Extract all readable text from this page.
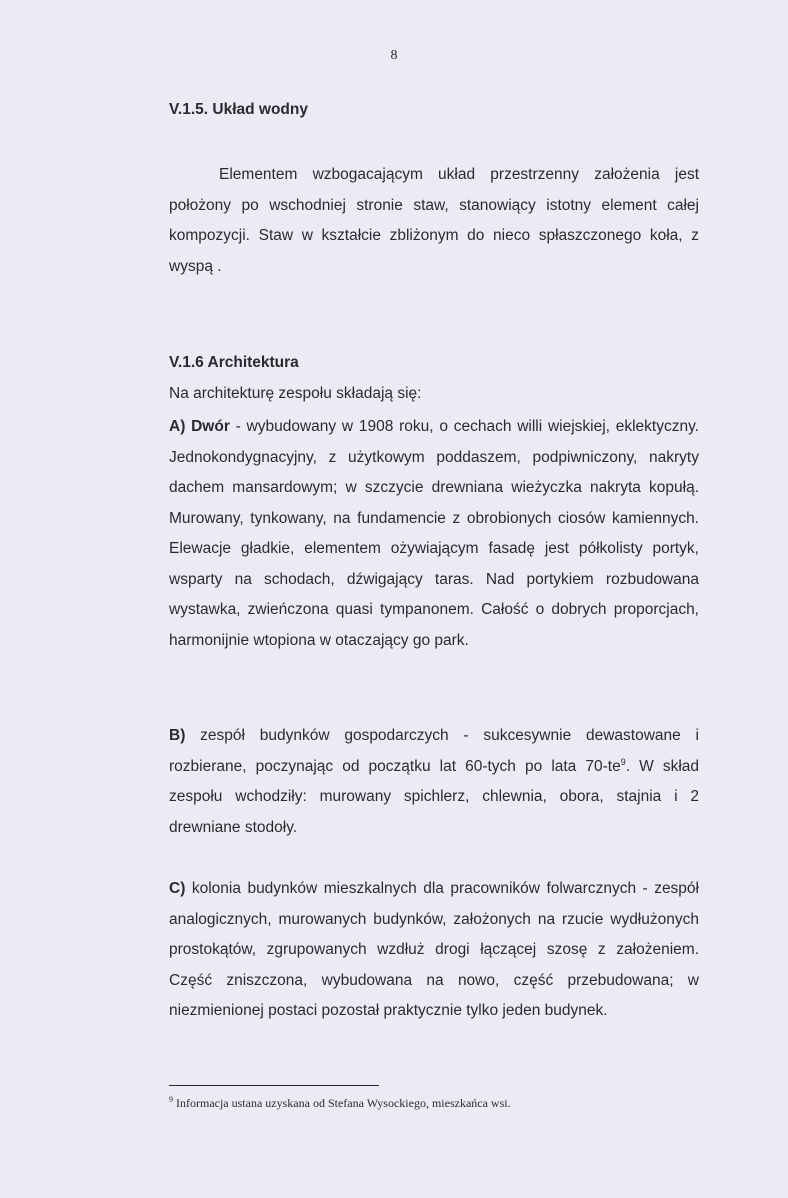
8
V.1.5. Układ wodny
Elementem wzbogacającym układ przestrzenny założenia jest położony po wschodniej stronie staw, stanowiący istotny element całej kompozycji. Staw w kształcie zbliżonym do nieco spłaszczonego koła, z wyspą .
V.1.6 Architektura
Na architekturę zespołu składają się:
A) Dwór - wybudowany w 1908 roku, o cechach willi wiejskiej, eklektyczny. Jednokondygnacyjny, z użytkowym poddaszem, podpiwniczony, nakryty dachem mansardowym; w szczycie drewniana wieżyczka nakryta kopułą. Murowany, tynkowany, na fundamencie z obrobionych ciosów kamiennych. Elewacje gładkie, elementem ożywiającym fasadę jest półkolisty portyk, wsparty na schodach, dźwigający taras. Nad portykiem rozbudowana wystawka, zwieńczona quasi tympanonem. Całość o dobrych proporcjach, harmonijnie wtopiona w otaczający go park.
B) zespół budynków gospodarczych - sukcesywnie dewastowane i rozbierane, poczynając od początku lat 60-tych po lata $70-te^9$. W skład zespołu wchodziły: murowany spichlerz, chlewnia, obora, stajnia i 2 drewniane stodoły.
C) kolonia budynków mieszkalnych dla pracowników folwarcznych - zespół analogicznych, murowanych budynków, założonych na rzucie wydłużonych prostokątów, zgrupowanych wzdłuż drogi łączącej szosę z założeniem. Część zniszczona, wybudowana na nowo, część przebudowana; w niezmienionej postaci pozostał praktycznie tylko jeden budynek.
$^9$ Informacja ustana uzyskana od Stefana Wysockiego, mieszkańca wsi.
